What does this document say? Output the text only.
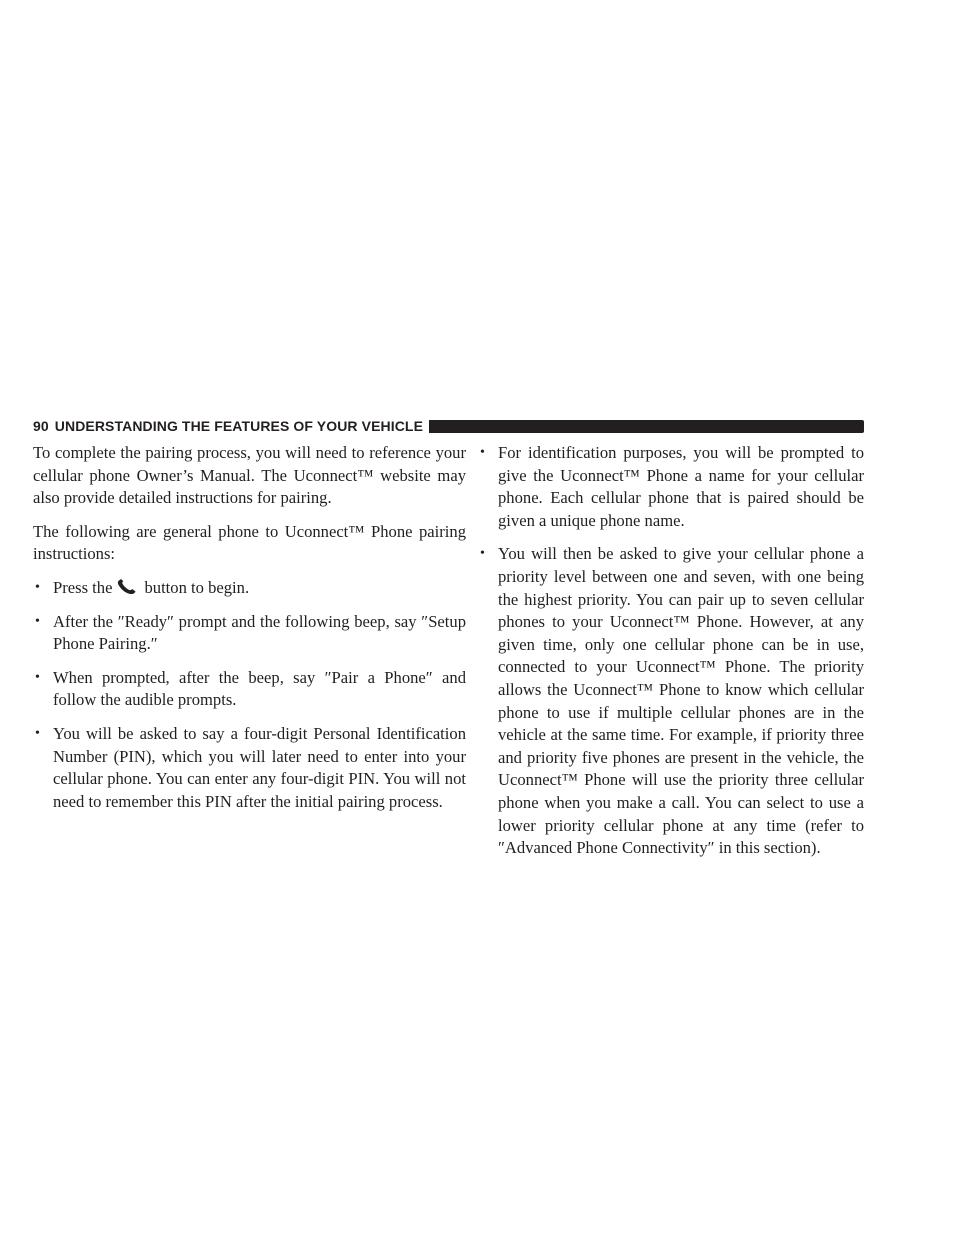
90 UNDERSTANDING THE FEATURES OF YOUR VEHICLE

To complete the pairing process, you will need to reference your cellular phone Owner’s Manual. The Uconnect™ website may also provide detailed instructions for pairing.

The following are general phone to Uconnect™ Phone pairing instructions:

• Press the button to begin.
• After the ″Ready″ prompt and the following beep, say ″Setup Phone Pairing.″
• When prompted, after the beep, say ″Pair a Phone″ and follow the audible prompts.
• You will be asked to say a four-digit Personal Identification Number (PIN), which you will later need to enter into your cellular phone. You can enter any four-digit PIN. You will not need to remember this PIN after the initial pairing process.
• For identification purposes, you will be prompted to give the Uconnect™ Phone a name for your cellular phone. Each cellular phone that is paired should be given a unique phone name.
• You will then be asked to give your cellular phone a priority level between one and seven, with one being the highest priority. You can pair up to seven cellular phones to your Uconnect™ Phone. However, at any given time, only one cellular phone can be in use, connected to your Uconnect™ Phone. The priority allows the Uconnect™ Phone to know which cellular phone to use if multiple cellular phones are in the vehicle at the same time. For example, if priority three and priority five phones are present in the vehicle, the Uconnect™ Phone will use the priority three cellular phone when you make a call. You can select to use a lower priority cellular phone at any time (refer to ″Advanced Phone Connectivity″ in this section).
